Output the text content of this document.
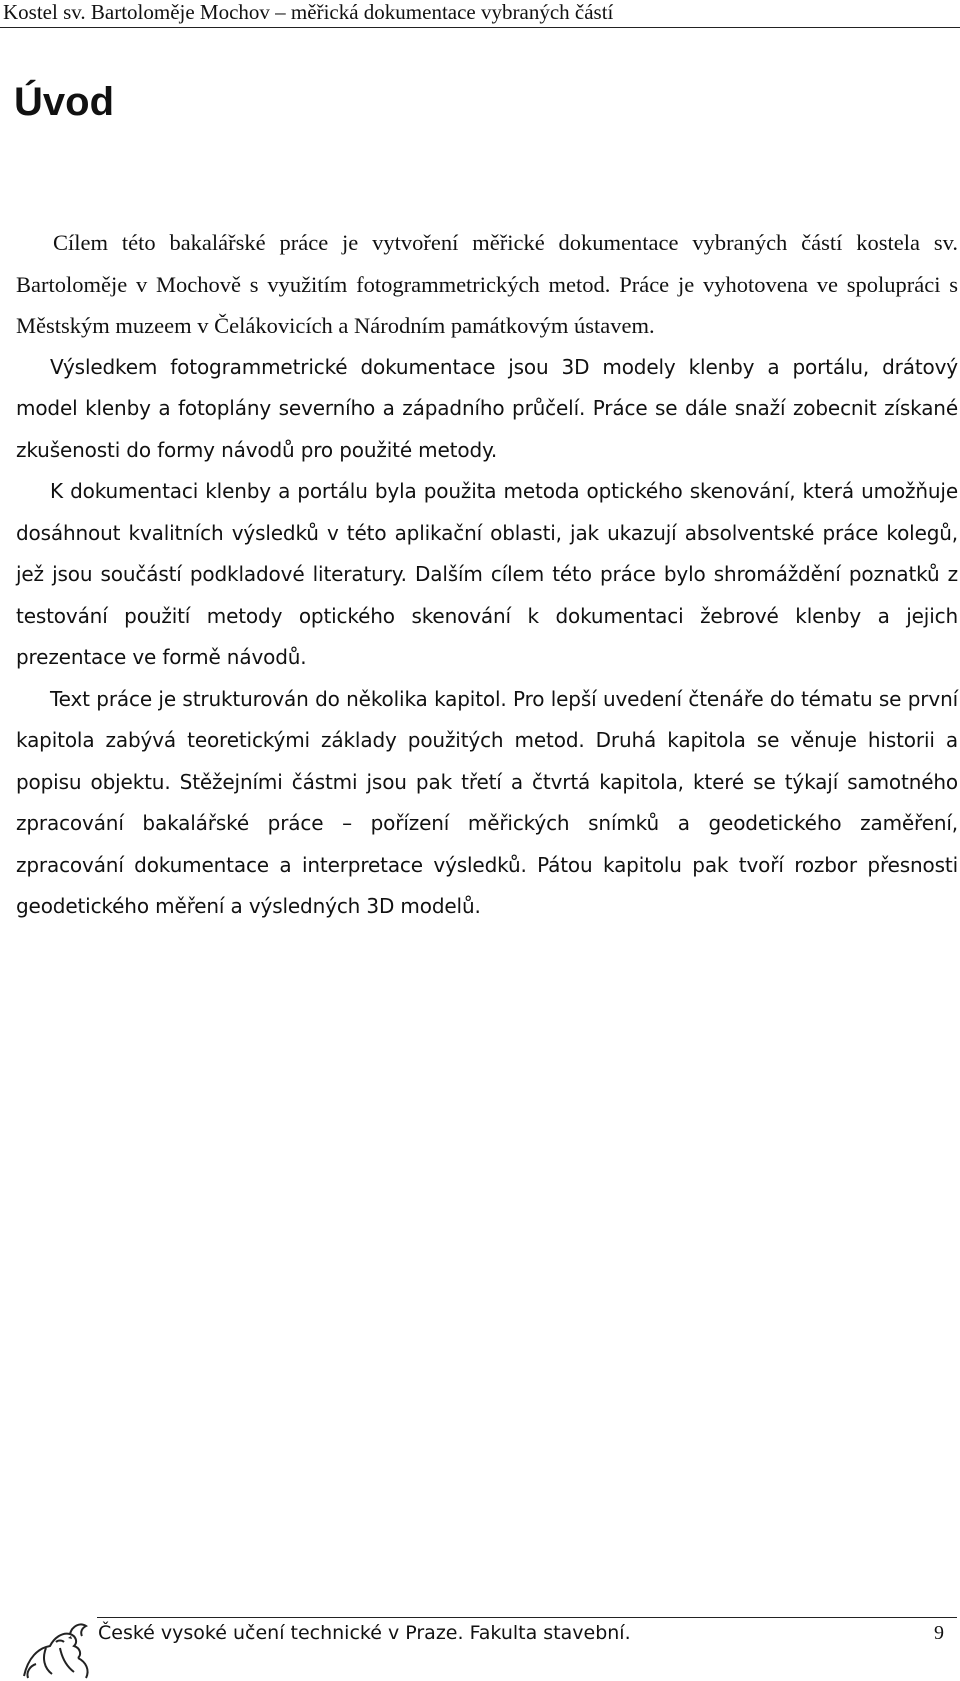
Kostel sv. Bartoloměje Mochov – měřická dokumentace vybraných částí
Úvod

Cílem této bakalářské práce je vytvoření měřické dokumentace vybraných částí kostela sv. Bartoloměje v Mochově s využitím fotogrammetrických metod. Práce je vyhotovena ve spolupráci s Městským muzeem v Čelákovicích a Národním památkovým ústavem.

Výsledkem fotogrammetrické dokumentace jsou 3D modely klenby a portálu, drátový model klenby a fotoplány severního a západního průčelí. Práce se dále snaží zobecnit získané zkušenosti do formy návodů pro použité metody.

K dokumentaci klenby a portálu byla použita metoda optického skenování, která umožňuje dosáhnout kvalitních výsledků v této aplikační oblasti, jak ukazují absolventské práce kolegů, jež jsou součástí podkladové literatury. Dalším cílem této práce bylo shromáždění poznatků z testování použití metody optického skenování k dokumentaci žebrové klenby a jejich prezentace ve formě návodů.

Text práce je strukturován do několika kapitol. Pro lepší uvedení čtenáře do tématu se první kapitola zabývá teoretickými základy použitých metod. Druhá kapitola se věnuje historii a popisu objektu. Stěžejními částmi jsou pak třetí a čtvrtá kapitola, které se týkají samotného zpracování bakalářské práce – pořízení měřických snímků a geodetického zaměření, zpracování dokumentace a interpretace výsledků. Pátou kapitolu pak tvoří rozbor přesnosti geodetického měření a výsledných 3D modelů.

České vysoké učení technické v Praze. Fakulta stavební.	9
